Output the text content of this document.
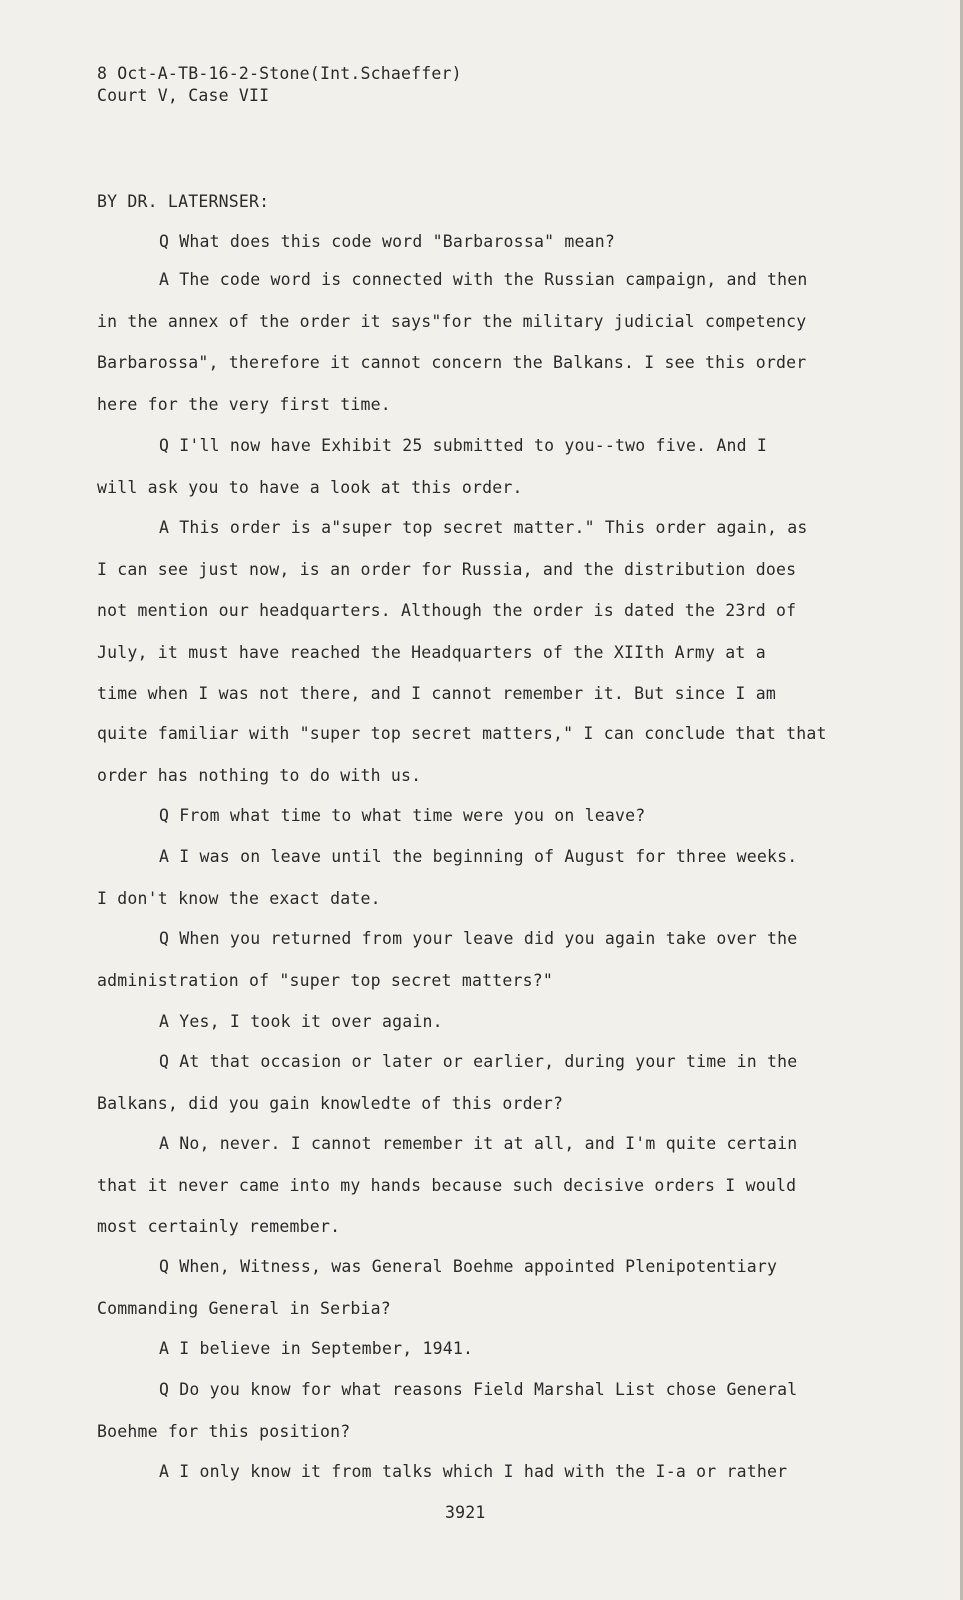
8 Oct-A-TB-16-2-Stone(Int.Schaeffer)
Court V, Case VII
BY DR. LATERNSER:
Q What does this code word "Barbarossa" mean?
A The code word is connected with the Russian campaign, and then
in the annex of the order it says"for the military judicial competency
Barbarossa", therefore it cannot concern the Balkans. I see this order
here for the very first time.
Q I'll now have Exhibit 25 submitted to you--two five. And I
will ask you to have a look at this order.
A This order is a"super top secret matter." This order again, as
I can see just now, is an order for Russia, and the distribution does
not mention our headquarters. Although the order is dated the 23rd of
July, it must have reached the Headquarters of the XIIth Army at a
time when I was not there, and I cannot remember it. But since I am
quite familiar with "super top secret matters," I can conclude that that
order has nothing to do with us.
Q From what time to what time were you on leave?
A I was on leave until the beginning of August for three weeks.
I don't know the exact date.
Q When you returned from your leave did you again take over the
administration of "super top secret matters?"
A Yes, I took it over again.
Q At that occasion or later or earlier, during your time in the
Balkans, did you gain knowledte of this order?
A No, never. I cannot remember it at all, and I'm quite certain
that it never came into my hands because such decisive orders I would
most certainly remember.
Q When, Witness, was General Boehme appointed Plenipotentiary
Commanding General in Serbia?
A I believe in September, 1941.
Q Do you know for what reasons Field Marshal List chose General
Boehme for this position?
A I only know it from talks which I had with the I-a or rather
3921
